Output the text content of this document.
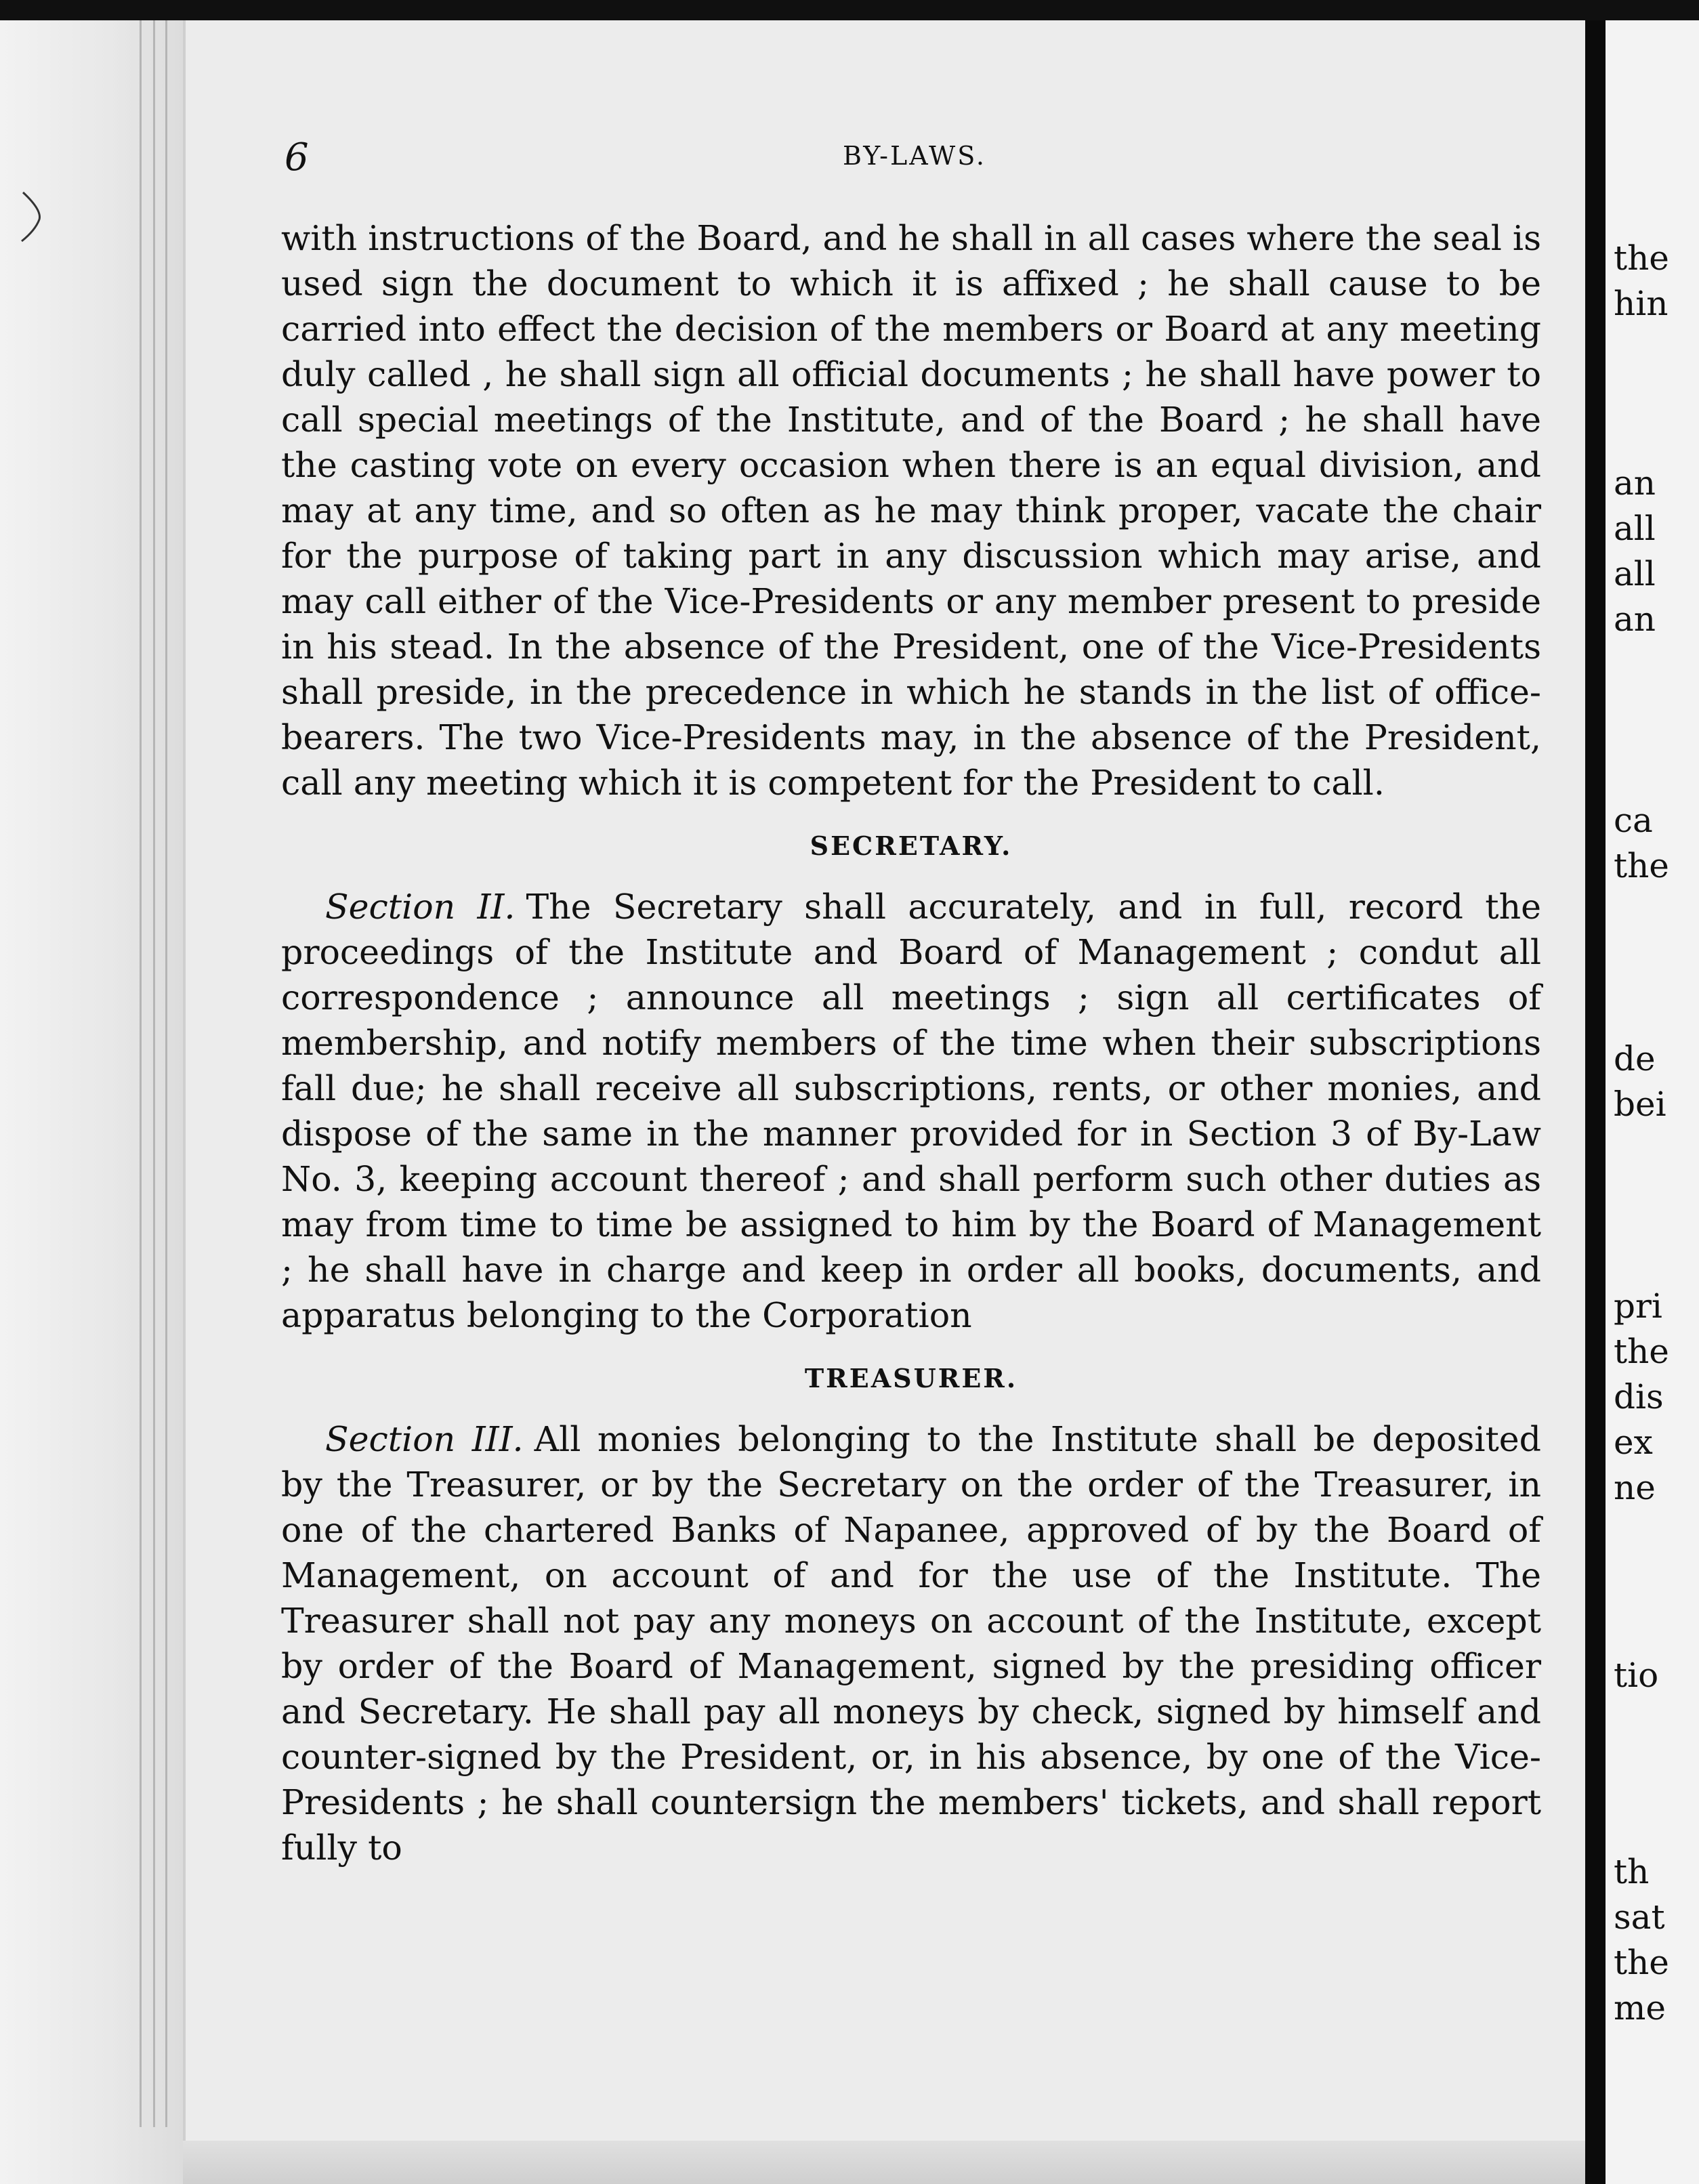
the
hin
an
all
all
an
ca
the
de
bei
pri
the
dis
ex
ne
tio
th
sat
the
me
6	BY-LAWS.

with instructions of the Board, and he shall in all cases where the seal is used sign the document to which it is affixed ; he shall cause to be carried into effect the decision of the members or Board at any meeting duly called , he shall sign all official documents ; he shall have power to call special meetings of the Institute, and of the Board ; he shall have the casting vote on every occasion when there is an equal division, and may at any time, and so often as he may think proper, vacate the chair for the purpose of taking part in any discussion which may arise, and may call either of the Vice-Presidents or any member present to preside in his stead. In the absence of the President, one of the Vice-Presidents shall preside, in the precedence in which he stands in the list of office-bearers. The two Vice-Presidents may, in the absence of the President, call any meeting which it is competent for the President to call.

SECRETARY.

Section II. The Secretary shall accurately, and in full, record the proceedings of the Institute and Board of Management ; condut all correspondence ; announce all meetings ; sign all certificates of membership, and notify members of the time when their subscriptions fall due; he shall receive all subscriptions, rents, or other monies, and dispose of the same in the manner provided for in Section 3 of By-Law No. 3, keeping account thereof ; and shall perform such other duties as may from time to time be assigned to him by the Board of Management ; he shall have in charge and keep in order all books, documents, and apparatus belonging to the Corporation

TREASURER.

Section III. All monies belonging to the Institute shall be deposited by the Treasurer, or by the Secretary on the order of the Treasurer, in one of the chartered Banks of Napanee, approved of by the Board of Management, on account of and for the use of the Institute. The Treasurer shall not pay any moneys on account of the Institute, except by order of the Board of Management, signed by the presiding officer and Secretary. He shall pay all moneys by check, signed by himself and counter-signed by the President, or, in his absence, by one of the Vice-Presidents ; he shall countersign the members' tickets, and shall report fully to
